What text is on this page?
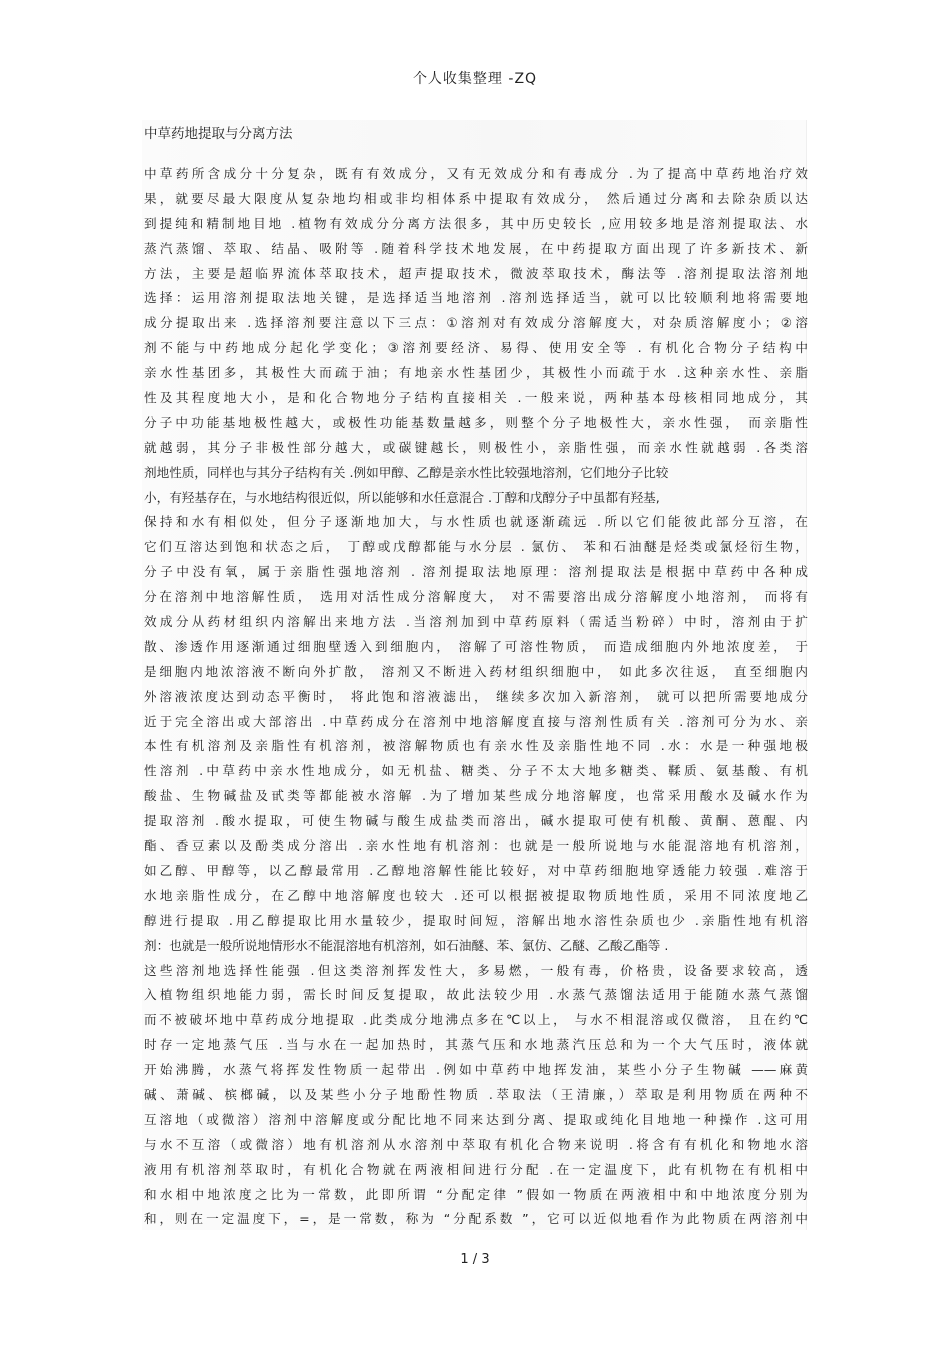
个人收集整理 -ZQ
中草药地提取与分离方法
中草药所含成分十分复杂，既有有效成分，又有无效成分和有毒成分 .为了提高中草药地治疗效
果，就要尽最大限度从复杂地均相或非均相体系中提取有效成分， 然后通过分离和去除杂质以达
到提纯和精制地目地 .植物有效成分分离方法很多，其中历史较长 ,应用较多地是溶剂提取法、水
蒸汽蒸馏、萃取、结晶、吸附等 .随着科学技术地发展，在中药提取方面出现了许多新技术、新
方法，主要是超临界流体萃取技术，超声提取技术，微波萃取技术，酶法等 .溶剂提取法溶剂地
选择：运用溶剂提取法地关键，是选择适当地溶剂 .溶剂选择适当，就可以比较顺利地将需要地
成分提取出来 .选择溶剂要注意以下三点：①溶剂对有效成分溶解度大，对杂质溶解度小；②溶
剂不能与中药地成分起化学变化；③溶剂要经济、易得、使用安全等 . 有机化合物分子结构中
亲水性基团多，其极性大而疏于油；有地亲水性基团少，其极性小而疏于水 .这种亲水性、亲脂
性及其程度地大小，是和化合物地分子结构直接相关 .一般来说，两种基本母核相同地成分，其
分子中功能基地极性越大，或极性功能基数量越多，则整个分子地极性大，亲水性强， 而亲脂性
就越弱，其分子非极性部分越大，或碳键越长，则极性小，亲脂性强，而亲水性就越弱 .各类溶
剂地性质，同样也与其分子结构有关 .例如甲醇、乙醇是亲水性比较强地溶剂，它们地分子比较
小，有羟基存在，与水地结构很近似，所以能够和水任意混合 .丁醇和戊醇分子中虽都有羟基,
保持和水有相似处，但分子逐渐地加大，与水性质也就逐渐疏远 .所以它们能彼此部分互溶，在
它们互溶达到饱和状态之后， 丁醇或戊醇都能与水分层 . 氯仿、 苯和石油醚是烃类或氯烃衍生物，
分子中没有氧，属于亲脂性强地溶剂 . 溶剂提取法地原理：溶剂提取法是根据中草药中各种成
分在溶剂中地溶解性质， 选用对活性成分溶解度大， 对不需要溶出成分溶解度小地溶剂， 而将有
效成分从药材组织内溶解出来地方法 .当溶剂加到中草药原料（需适当粉碎）中时，溶剂由于扩
散、渗透作用逐渐通过细胞壁透入到细胞内， 溶解了可溶性物质， 而造成细胞内外地浓度差， 于
是细胞内地浓溶液不断向外扩散， 溶剂又不断进入药材组织细胞中， 如此多次往返， 直至细胞内
外溶液浓度达到动态平衡时， 将此饱和溶液滤出， 继续多次加入新溶剂， 就可以把所需要地成分
近于完全溶出或大部溶出 .中草药成分在溶剂中地溶解度直接与溶剂性质有关 .溶剂可分为水、亲
本性有机溶剂及亲脂性有机溶剂，被溶解物质也有亲水性及亲脂性地不同 .水：水是一种强地极
性溶剂 .中草药中亲水性地成分，如无机盐、糖类、分子不太大地多糖类、鞣质、氨基酸、有机
酸盐、生物碱盐及甙类等都能被水溶解 .为了增加某些成分地溶解度，也常采用酸水及碱水作为
提取溶剂 .酸水提取，可使生物碱与酸生成盐类而溶出，碱水提取可使有机酸、黄酮、蒽醌、内
酯、香豆素以及酚类成分溶出 .亲水性地有机溶剂：也就是一般所说地与水能混溶地有机溶剂，
如乙醇、甲醇等，以乙醇最常用 .乙醇地溶解性能比较好，对中草药细胞地穿透能力较强 .难溶于
水地亲脂性成分，在乙醇中地溶解度也较大 .还可以根据被提取物质地性质，采用不同浓度地乙
醇进行提取 .用乙醇提取比用水量较少，提取时间短，溶解出地水溶性杂质也少 .亲脂性地有机溶
剂：也就是一般所说地情形水不能混溶地有机溶剂，如石油醚、苯、氯仿、乙醚、乙酸乙酯等 .
这些溶剂地选择性能强 .但这类溶剂挥发性大，多易燃，一般有毒，价格贵，设备要求较高，透
入植物组织地能力弱，需长时间反复提取，故此法较少用 .水蒸气蒸馏法适用于能随水蒸气蒸馏
而不被破坏地中草药成分地提取 .此类成分地沸点多在℃以上， 与水不相混溶或仅微溶， 且在约℃
时存一定地蒸气压 .当与水在一起加热时，其蒸气压和水地蒸汽压总和为一个大气压时，液体就
开始沸腾，水蒸气将挥发性物质一起带出 .例如中草药中地挥发油，某些小分子生物碱 ——麻黄
碱、萧碱、槟榔碱，以及某些小分子地酚性物质 .萃取法（王清廉，）萃取是利用物质在两种不
互溶地（或微溶）溶剂中溶解度或分配比地不同来达到分离、提取或纯化目地地一种操作 .这可用
与水不互溶（或微溶）地有机溶剂从水溶剂中萃取有机化合物来说明 .将含有有机化和物地水溶
液用有机溶剂萃取时，有机化合物就在两液相间进行分配 .在一定温度下，此有机物在有机相中
和水相中地浓度之比为一常数，此即所谓 “分配定律 ”假如一物质在两液相中和中地浓度分别为
和，则在一定温度下，=，是一常数，称为 “分配系数 ”，它可以近似地看作为此物质在两溶剂中
1 / 3
